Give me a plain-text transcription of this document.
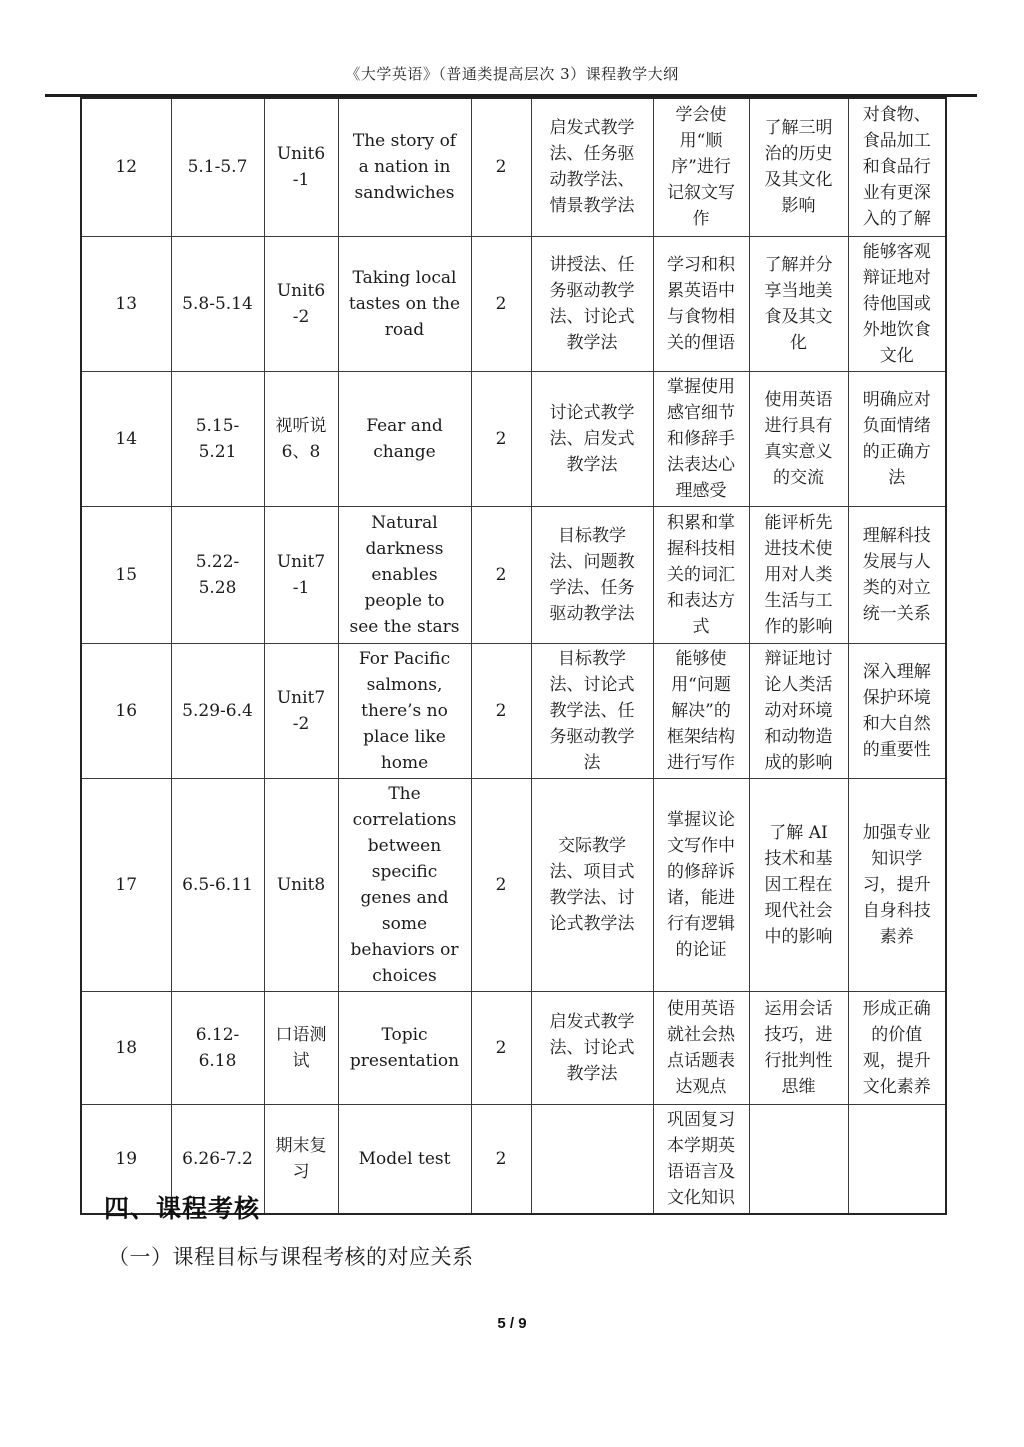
《大学英语》（普通类提高层次 3）课程教学大纲
12	5.1-5.7	Unit6-1	The story of a nation in sandwiches	2	启发式教学法、任务驱动教学法、情景教学法	学会使用“顺序”进行记叙文写作	了解三明治的历史及其文化影响	对食物、食品加工和食品行业有更深入的了解
13	5.8-5.14	Unit6-2	Taking local tastes on the road	2	讲授法、任务驱动教学法、讨论式教学法	学习和积累英语中与食物相关的俚语	了解并分享当地美食及其文化	能够客观辩证地对待他国或外地饮食文化
14	5.15-5.21	视听说 6、8	Fear and change	2	讨论式教学法、启发式教学法	掌握使用感官细节和修辞手法表达心理感受	使用英语进行具有真实意义的交流	明确应对负面情绪的正确方法
15	5.22-5.28	Unit7-1	Natural darkness enables people to see the stars	2	目标教学法、问题教学法、任务驱动教学法	积累和掌握科技相关的词汇和表达方式	能评析先进技术使用对人类生活与工作的影响	理解科技发展与人类的对立统一关系
16	5.29-6.4	Unit7-2	For Pacific salmons, there’s no place like home	2	目标教学法、讨论式教学法、任务驱动教学法	能够使用“问题解决”的框架结构进行写作	辩证地讨论人类活动对环境和动物造成的影响	深入理解保护环境和大自然的重要性
17	6.5-6.11	Unit8	The correlations between specific genes and some behaviors or choices	2	交际教学法、项目式教学法、讨论式教学法	掌握议论文写作中的修辞诉诸，能进行有逻辑的论证	了解 AI 技术和基因工程在现代社会中的影响	加强专业知识学习，提升自身科技素养
18	6.12-6.18	口语测试	Topic presentation	2	启发式教学法、讨论式教学法	使用英语就社会热点话题表达观点	运用会话技巧，进行批判性思维	形成正确的价值观，提升文化素养
19	6.26-7.2	期末复习	Model test	2		巩固复习本学期英语语言及文化知识		
四、课程考核
（一）课程目标与课程考核的对应关系
5 / 9
